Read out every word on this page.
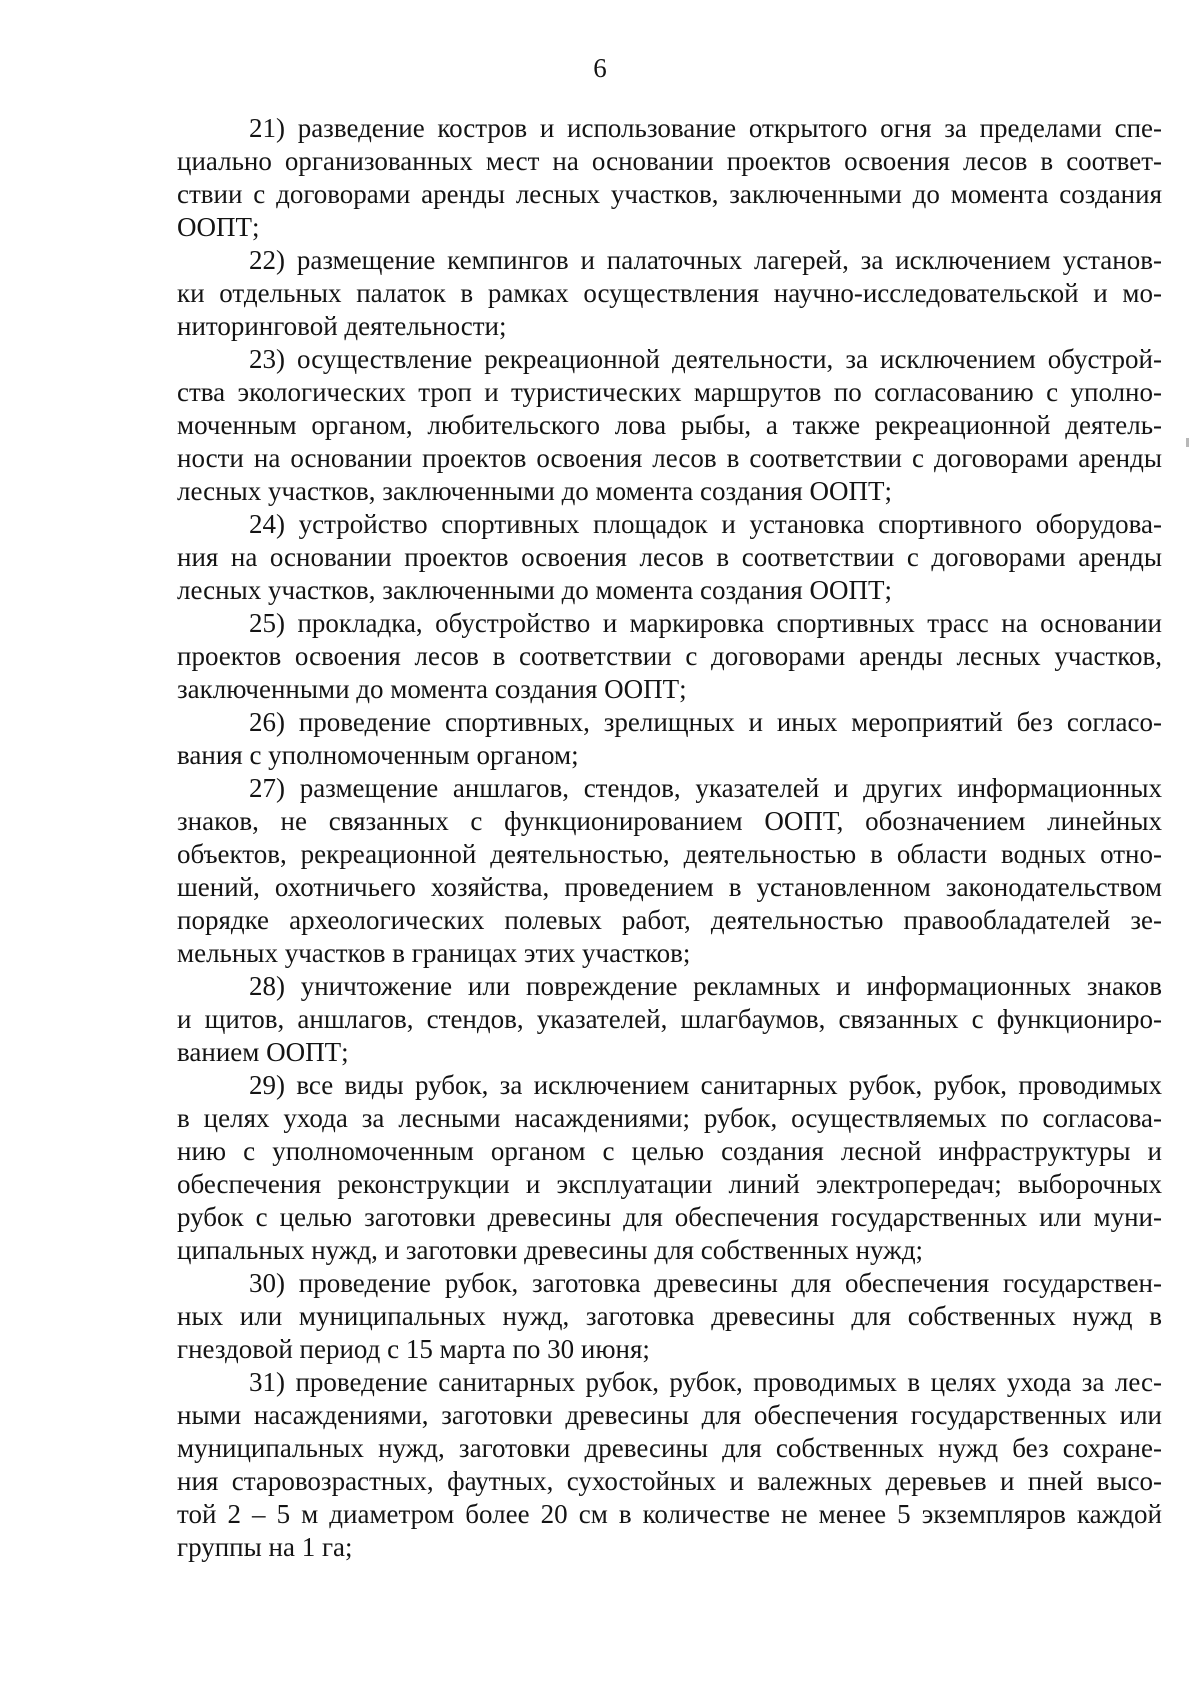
6
21) разведение костров и использование открытого огня за пределами спе-
циально организованных мест на основании проектов освоения лесов в соответ-
ствии с договорами аренды лесных участков, заключенными до момента создания
ООПТ;
22) размещение кемпингов и палаточных лагерей, за исключением установ-
ки отдельных палаток в рамках осуществления научно-исследовательской и мо-
ниторинговой деятельности;
23) осуществление рекреационной деятельности, за исключением обустрой-
ства экологических троп и туристических маршрутов по согласованию с уполно-
моченным органом, любительского лова рыбы, а также рекреационной деятель-
ности на основании проектов освоения лесов в соответствии с договорами аренды
лесных участков, заключенными до момента создания ООПТ;
24) устройство спортивных площадок и установка спортивного оборудова-
ния на основании проектов освоения лесов в соответствии с договорами аренды
лесных участков, заключенными до момента создания ООПТ;
25) прокладка, обустройство и маркировка спортивных трасс на основании
проектов освоения лесов в соответствии с договорами аренды лесных участков,
заключенными до момента создания ООПТ;
26) проведение спортивных, зрелищных и иных мероприятий без согласо-
вания с уполномоченным органом;
27) размещение аншлагов, стендов, указателей и других информационных
знаков, не связанных с функционированием ООПТ, обозначением линейных
объектов, рекреационной деятельностью, деятельностью в области водных отно-
шений, охотничьего хозяйства, проведением в установленном законодательством
порядке археологических полевых работ, деятельностью правообладателей зе-
мельных участков в границах этих участков;
28) уничтожение или повреждение рекламных и информационных знаков
и щитов, аншлагов, стендов, указателей, шлагбаумов, связанных с функциониро-
ванием ООПТ;
29) все виды рубок, за исключением санитарных рубок, рубок, проводимых
в целях ухода за лесными насаждениями; рубок, осуществляемых по согласова-
нию с уполномоченным органом с целью создания лесной инфраструктуры и
обеспечения реконструкции и эксплуатации линий электропередач; выборочных
рубок с целью заготовки древесины для обеспечения государственных или муни-
ципальных нужд, и заготовки древесины для собственных нужд;
30) проведение рубок, заготовка древесины для обеспечения государствен-
ных или муниципальных нужд, заготовка древесины для собственных нужд в
гнездовой период с 15 марта по 30 июня;
31) проведение санитарных рубок, рубок, проводимых в целях ухода за лес-
ными насаждениями, заготовки древесины для обеспечения государственных или
муниципальных нужд, заготовки древесины для собственных нужд без сохране-
ния старовозрастных, фаутных, сухостойных и валежных деревьев и пней высо-
той 2 – 5 м диаметром более 20 см в количестве не менее 5 экземпляров каждой
группы на 1 га;
